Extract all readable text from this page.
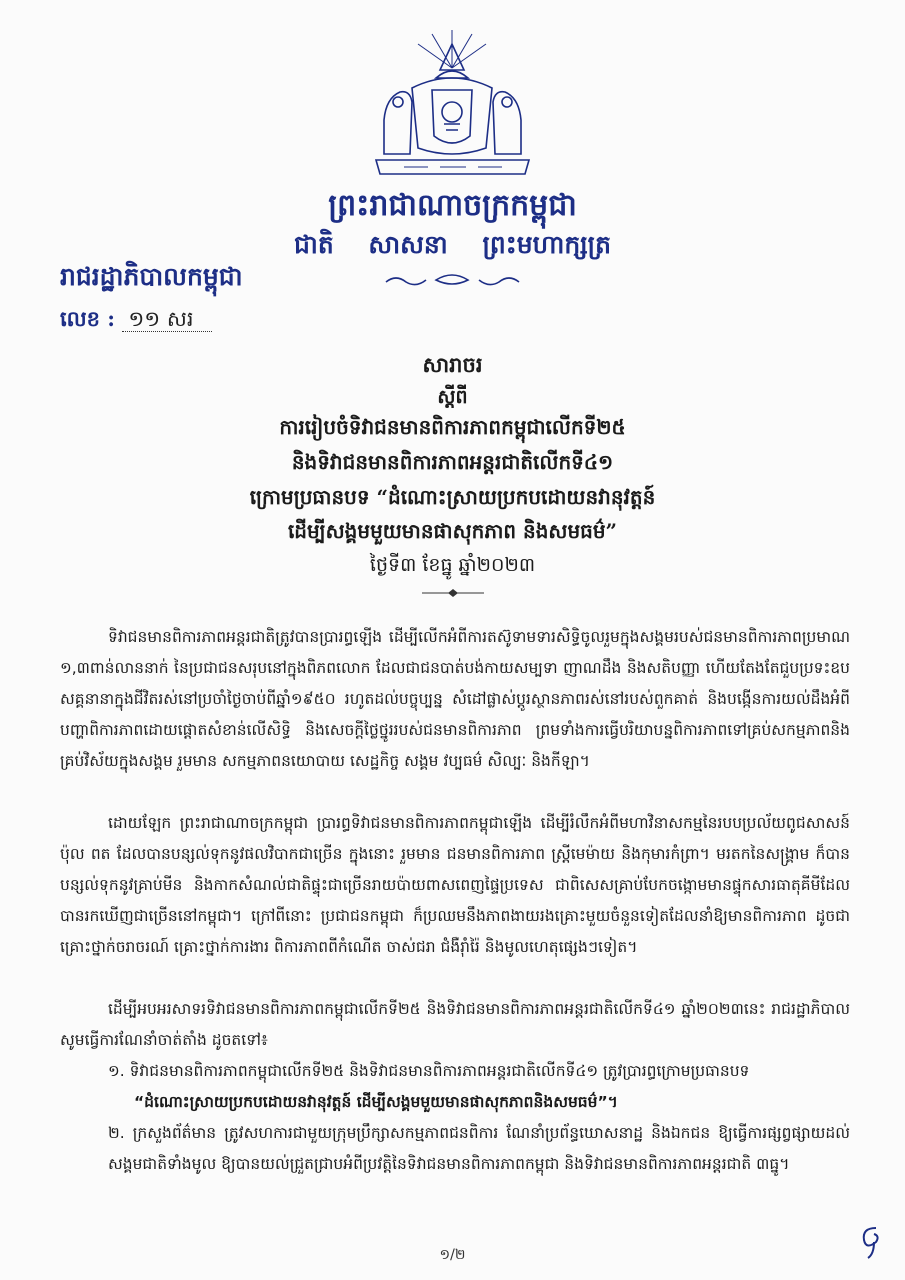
ព្រះរាជាណាចក្រកម្ពុជា
ជាតិ សាសនា ព្រះមហាក្សត្រ
រាជរដ្ឋាភិបាលកម្ពុជា
លេខ : ១១ សរ
សារាចរ
ស្តីពី
ការរៀបចំទិវាជនមានពិការភាពកម្ពុជាលើកទី២៥
និងទិវាជនមានពិការភាពអន្តរជាតិលើកទី៤១
ក្រោមប្រធានបទ “ដំណោះស្រាយប្រកបដោយនវានុវត្តន៍
ដើម្បីសង្គមមួយមានផាសុកភាព និងសមធម៌”
ថ្ងៃទី៣ ខែធ្នូ ឆ្នាំ២០២៣
ទិវាជនមានពិការភាពអន្តរជាតិត្រូវបានប្រារព្ធឡើង ដើម្បីលើកអំពីការតស៊ូទាមទារសិទ្ធិចូលរួមក្នុងសង្គមរបស់ជនមានពិការភាពប្រមាណ ១,៣ពាន់លាននាក់ នៃប្រជាជនសរុបនៅក្នុងពិភពលោក ដែលជាជនបាត់បង់កាយសម្បទា ញាណដឹង និងសតិបញ្ញា ហើយតែងតែជួបប្រទះឧបសគ្គនានាក្នុងជីវិតរស់នៅប្រចាំថ្ងៃចាប់ពីឆ្នាំ១៩៥០ រហូតដល់បច្ចុប្បន្ន សំដៅផ្លាស់ប្តូរស្ថានភាពរស់នៅរបស់ពួកគាត់ និងបង្កើនការយល់ដឹងអំពីបញ្ហាពិការភាពដោយផ្តោតសំខាន់លើសិទ្ធិ និងសេចក្តីថ្លៃថ្នូររបស់ជនមានពិការភាព ព្រមទាំងការធ្វើបរិយាបន្នពិការភាពទៅគ្រប់សកម្មភាពនិងគ្រប់វិស័យក្នុងសង្គម រួមមាន សកម្មភាពនយោបាយ សេដ្ឋកិច្ច សង្គម វប្បធម៌ សិល្បៈ និងកីឡា។
ដោយឡែក ព្រះរាជាណាចក្រកម្ពុជា ប្រារព្ធទិវាជនមានពិការភាពកម្ពុជាឡើង ដើម្បីរំលឹកអំពីមហាវិនាសកម្មនៃរបបប្រល័យពូជសាសន៍ ប៉ុល ពត ដែលបានបន្សល់ទុកនូវផលវិបាកជាច្រើន ក្នុងនោះ រួមមាន ជនមានពិការភាព ស្ត្រីមេម៉ាយ និងកុមារកំព្រា។ មរតកនៃសង្គ្រាម ក៏បានបន្សល់ទុកនូវគ្រាប់មីន និងកាកសំណល់ជាតិផ្ទុះជាច្រើនរាយប៉ាយពាសពេញផ្ទៃប្រទេស ជាពិសេសគ្រាប់បែកចង្កោមមានផ្ទុកសារធាតុគីមីដែលបានរកឃើញជាច្រើននៅកម្ពុជា។ ក្រៅពីនោះ ប្រជាជនកម្ពុជា ក៏ប្រឈមនឹងភាពងាយរងគ្រោះមួយចំនួនទៀតដែលនាំឱ្យមានពិការភាព ដូចជា គ្រោះថ្នាក់ចរាចរណ៍ គ្រោះថ្នាក់ការងារ ពិការភាពពីកំណើត ចាស់ជរា ជំងឺរ៉ាំរ៉ៃ និងមូលហេតុផ្សេងៗទៀត។
ដើម្បីអបអរសាទរទិវាជនមានពិការភាពកម្ពុជាលើកទី២៥ និងទិវាជនមានពិការភាពអន្តរជាតិលើកទី៤១ ឆ្នាំ២០២៣នេះ រាជរដ្ឋាភិបាលសូមធ្វើការណែនាំចាត់តាំង ដូចតទៅ៖
១. ទិវាជនមានពិការភាពកម្ពុជាលើកទី២៥ និងទិវាជនមានពិការភាពអន្តរជាតិលើកទី៤១ ត្រូវប្រារព្ធក្រោមប្រធានបទ
“ដំណោះស្រាយប្រកបដោយនវានុវត្តន៍ ដើម្បីសង្គមមួយមានផាសុកភាពនិងសមធម៌”។
២. ក្រសួងព័ត៌មាន ត្រូវសហការជាមួយក្រុមប្រឹក្សាសកម្មភាពជនពិការ ណែនាំប្រព័ន្ធឃោសនាដ្ឋ និងឯកជន ឱ្យធ្វើការផ្សព្វផ្សាយដល់សង្គមជាតិទាំងមូល ឱ្យបានយល់ជ្រួតជ្រាបអំពីប្រវត្តិនៃទិវាជនមានពិការភាពកម្ពុជា និងទិវាជនមានពិការភាពអន្តរជាតិ ៣ធ្នូ។
១/២
